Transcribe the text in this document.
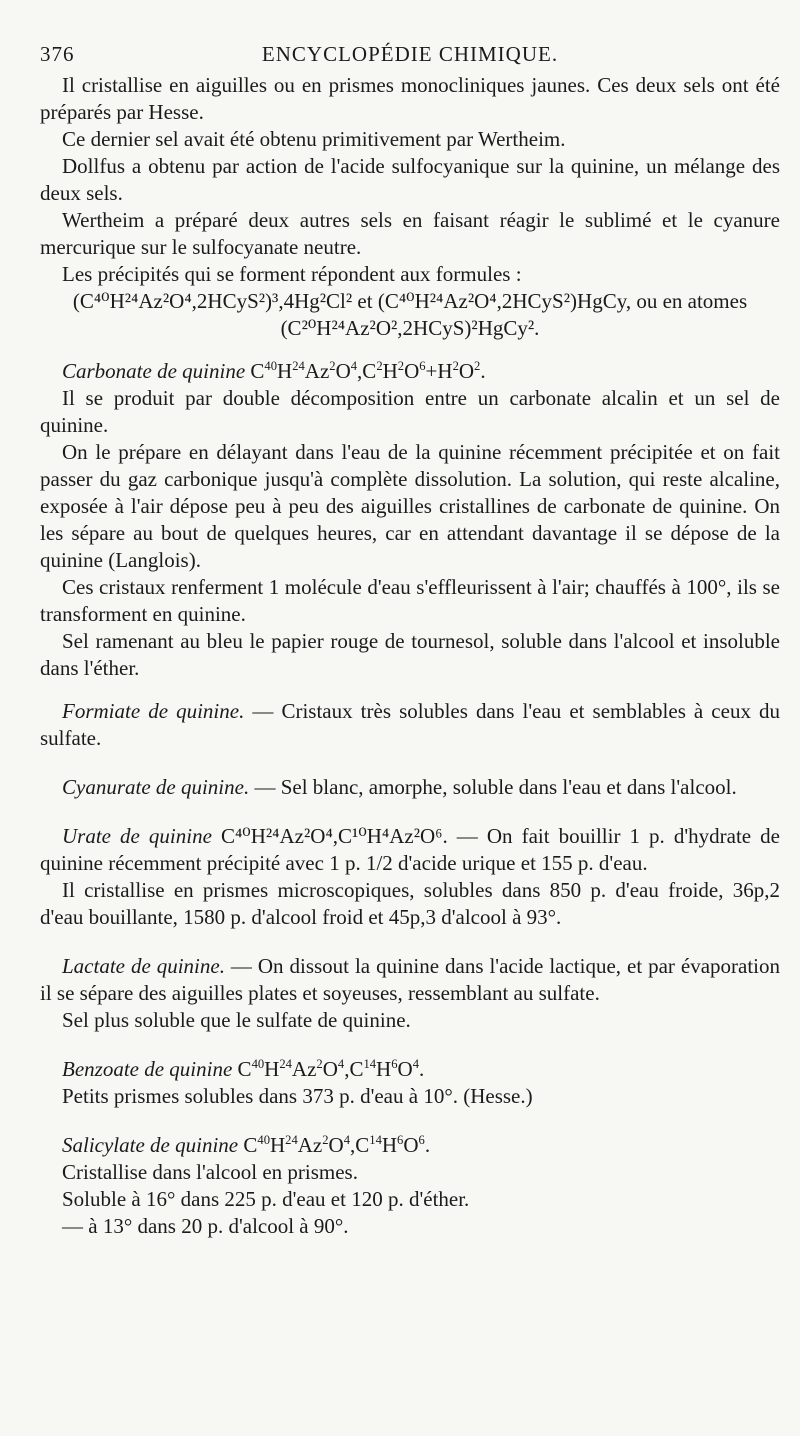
376	ENCYCLOPÉDIE CHIMIQUE.
Il cristallise en aiguilles ou en prismes monocliniques jaunes. Ces deux sels ont été préparés par Hesse.
Ce dernier sel avait été obtenu primitivement par Wertheim.
Dollfus a obtenu par action de l'acide sulfocyanique sur la quinine, un mélange des deux sels.
Wertheim a préparé deux autres sels en faisant réagir le sublimé et le cyanure mercurique sur le sulfocyanate neutre.
Les précipités qui se forment répondent aux formules :
(C⁴⁰H²⁴Az²O⁴,2HCyS²)³,4Hg²Cl² et (C⁴⁰H²⁴Az²O⁴,2HCyS²)HgCy, ou en atomes
(C²⁰H²⁴Az²O²,2HCyS)²HgCy².
Carbonate de quinine $C^{40}H^{24}Az^2O^4,C^2H^2O^6+H^2O^2$.
Il se produit par double décomposition entre un carbonate alcalin et un sel de quinine.
On le prépare en délayant dans l'eau de la quinine récemment précipitée et on fait passer du gaz carbonique jusqu'à complète dissolution. La solution, qui reste alcaline, exposée à l'air dépose peu à peu des aiguilles cristallines de carbonate de quinine. On les sépare au bout de quelques heures, car en attendant davantage il se dépose de la quinine (Langlois).
Ces cristaux renferment 1 molécule d'eau s'effleurissent à l'air; chauffés à 100°, ils se transforment en quinine.
Sel ramenant au bleu le papier rouge de tournesol, soluble dans l'alcool et insoluble dans l'éther.
Formiate de quinine. — Cristaux très solubles dans l'eau et semblables à ceux du sulfate.
Cyanurate de quinine. — Sel blanc, amorphe, soluble dans l'eau et dans l'alcool.
Urate de quinine C⁴⁰H²⁴Az²O⁴,C¹⁰H⁴Az²O⁶. — On fait bouillir 1 p. d'hydrate de quinine récemment précipité avec 1 p. 1/2 d'acide urique et 155 p. d'eau.
Il cristallise en prismes microscopiques, solubles dans 850 p. d'eau froide, 36p,2 d'eau bouillante, 1580 p. d'alcool froid et 45p,3 d'alcool à 93°.
Lactate de quinine. — On dissout la quinine dans l'acide lactique, et par évaporation il se sépare des aiguilles plates et soyeuses, ressemblant au sulfate.
Sel plus soluble que le sulfate de quinine.
Benzoate de quinine $C^{40}H^{24}Az^2O^4,C^{14}H^6O^4$.
Petits prismes solubles dans 373 p. d'eau à 10°. (Hesse.)
Salicylate de quinine $C^{40}H^{24}Az^2O^4,C^{14}H^6O^6$.
Cristallise dans l'alcool en prismes.
Soluble à 16° dans 225 p. d'eau et 120 p. d'éther.
— à 13° dans 20 p. d'alcool à 90°.
